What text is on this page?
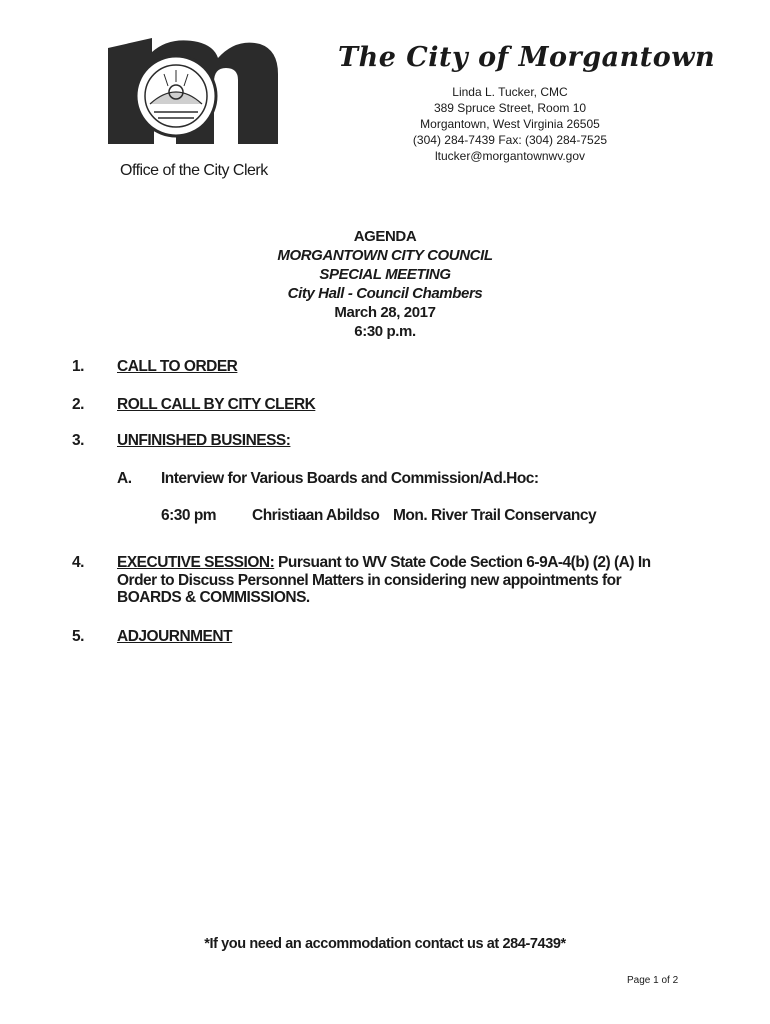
Office of the City Clerk
The City of Morgantown
Linda L. Tucker, CMC
389 Spruce Street, Room 10
Morgantown, West Virginia 26505
(304) 284-7439 Fax: (304) 284-7525
ltucker@morgantownwv.gov
AGENDA
MORGANTOWN CITY COUNCIL
SPECIAL MEETING
City Hall - Council Chambers
March 28, 2017
6:30 p.m.
1. CALL TO ORDER
2. ROLL CALL BY CITY CLERK
3. UNFINISHED BUSINESS:
A. Interview for Various Boards and Commission/Ad.Hoc:
6:30 pm Christiaan Abildso Mon. River Trail Conservancy
4. EXECUTIVE SESSION: Pursuant to WV State Code Section 6-9A-4(b) (2) (A) In Order to Discuss Personnel Matters in considering new appointments for BOARDS & COMMISSIONS.
5. ADJOURNMENT
*If you need an accommodation contact us at 284-7439*
Page 1 of 2
